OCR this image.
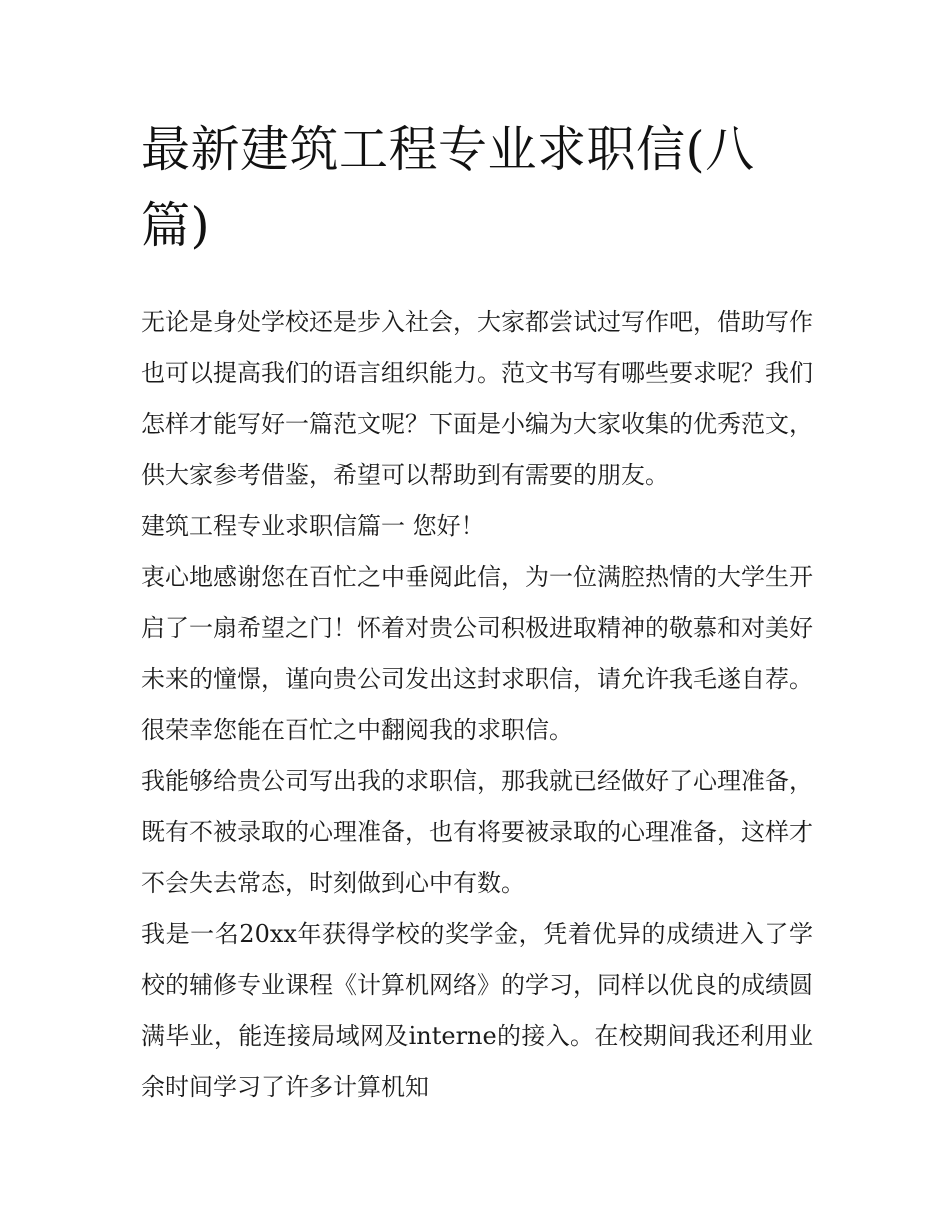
最新建筑工程专业求职信(八篇)

无论是身处学校还是步入社会，大家都尝试过写作吧，借助写作也可以提高我们的语言组织能力。范文书写有哪些要求呢？我们怎样才能写好一篇范文呢？下面是小编为大家收集的优秀范文，供大家参考借鉴，希望可以帮助到有需要的朋友。

建筑工程专业求职信篇一 您好！

衷心地感谢您在百忙之中垂阅此信，为一位满腔热情的大学生开启了一扇希望之门！怀着对贵公司积极进取精神的敬慕和对美好未来的憧憬，谨向贵公司发出这封求职信，请允许我毛遂自荐。很荣幸您能在百忙之中翻阅我的求职信。

我能够给贵公司写出我的求职信，那我就已经做好了心理准备，既有不被录取的心理准备，也有将要被录取的心理准备，这样才不会失去常态，时刻做到心中有数。

我是一名20xx年获得学校的奖学金，凭着优异的成绩进入了学校的辅修专业课程《计算机网络》的学习，同样以优良的成绩圆满毕业，能连接局域网及interne的接入。在校期间我还利用业余时间学习了许多计算机知
